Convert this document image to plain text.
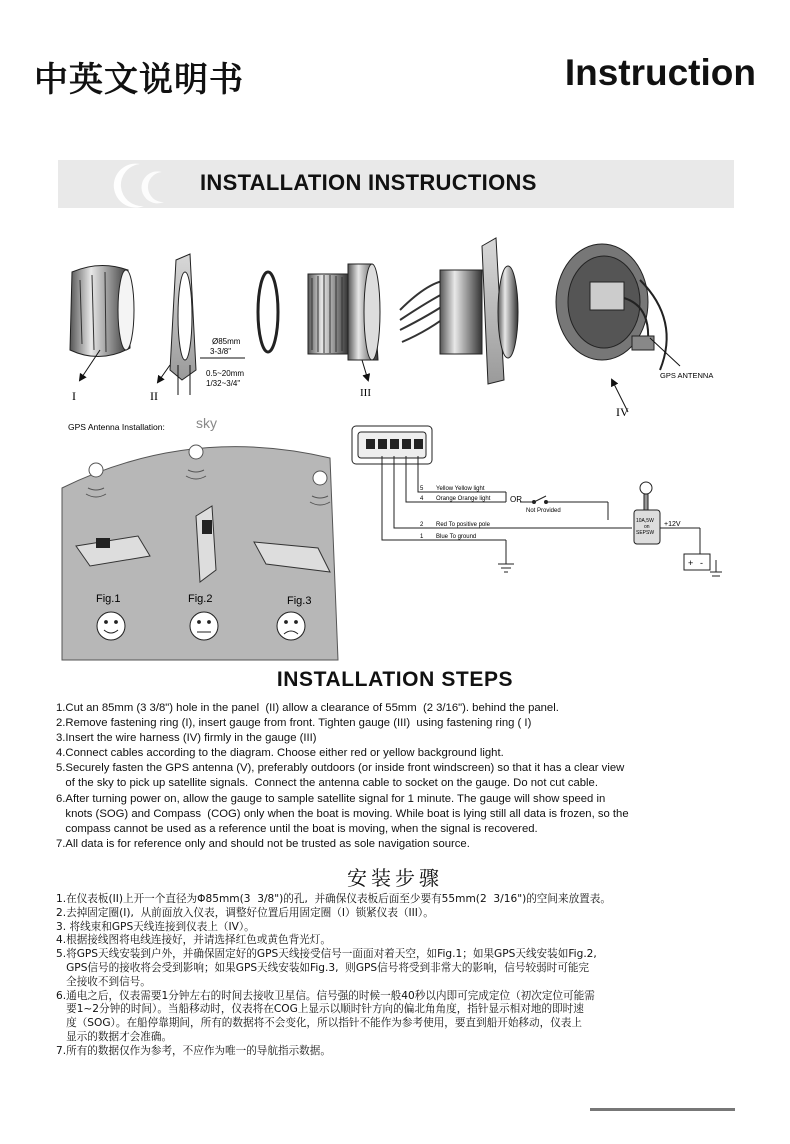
中英文说明书	Instruction
INSTALLATION INSTRUCTIONS
I
Ø85mm
3-3/8"
0.5~20mm
1/32~3/4"
II	III
GPS ANTENNA
IV
GPS Antenna Installation: sky
Fig.1	Fig.2	Fig.3
10A,5W
on
SEPSW
+12V
+ -
5 Yellow Yellow light
4 Orange Orange light OR
Not Provided
2 Red To positive pole
1 Blue To ground
INSTALLATION STEPS
1.Cut an 85mm (3 3/8") hole in the panel  (II) allow a clearance of 55mm  (2 3/16"). behind the panel.
2.Remove fastening ring (I), insert gauge from front. Tighten gauge (III)  using fastening ring ( I)
3.Insert the wire harness (IV) firmly in the gauge (III)
4.Connect cables according to the diagram. Choose either red or yellow background light.
5.Securely fasten the GPS antenna (V), preferably outdoors (or inside front windscreen) so that it has a clear view
of the sky to pick up satellite signals.  Connect the antenna cable to socket on the gauge. Do not cut cable.
6.After turning power on, allow the gauge to sample satellite signal for 1 minute. The gauge will show speed in
knots (SOG) and Compass  (COG) only when the boat is moving. While boat is lying still all data is frozen, so the
compass cannot be used as a reference until the boat is moving, when the signal is recovered.
7.All data is for reference only and should not be trusted as sole navigation source.
安装步骤
1.在仪表板(II)上开一个直径为Φ85mm(3  3/8")的孔,  并确保仪表板后面至少要有55mm(2  3/16")的空间来放置表。
2.去掉固定圈(I),  从前面放入仪表，调整好位置后用固定圈（I）锁紧仪表（III）。
3. 将线束和GPS天线连接到仪表上（IV）。
4.根据接线图将电线连接好，并请选择红色或黄色背光灯。
5.将GPS天线安装到户外，并确保固定好的GPS天线接受信号一面面对着天空，如Fig.1；如果GPS天线安装如Fig.2,
GPS信号的接收将会受到影响；如果GPS天线安装如Fig.3,  则GPS信号将受到非常大的影响，信号较弱时可能完
全接收不到信号。
6.通电之后，仪表需要1分钟左右的时间去接收卫星信。信号强的时候一般40秒以内即可完成定位（初次定位可能需
要1~2分钟的时间）。当船移动时，仪表将在COG上显示以顺时针方向的偏北角角度，指针显示相对地的即时速
度（SOG）。在船停靠期间，所有的数据将不会变化，所以指针不能作为参考使用，要直到船开始移动，仪表上
显示的数据才会准确。
7.所有的数据仅作为参考，不应作为唯一的导航指示数据。
